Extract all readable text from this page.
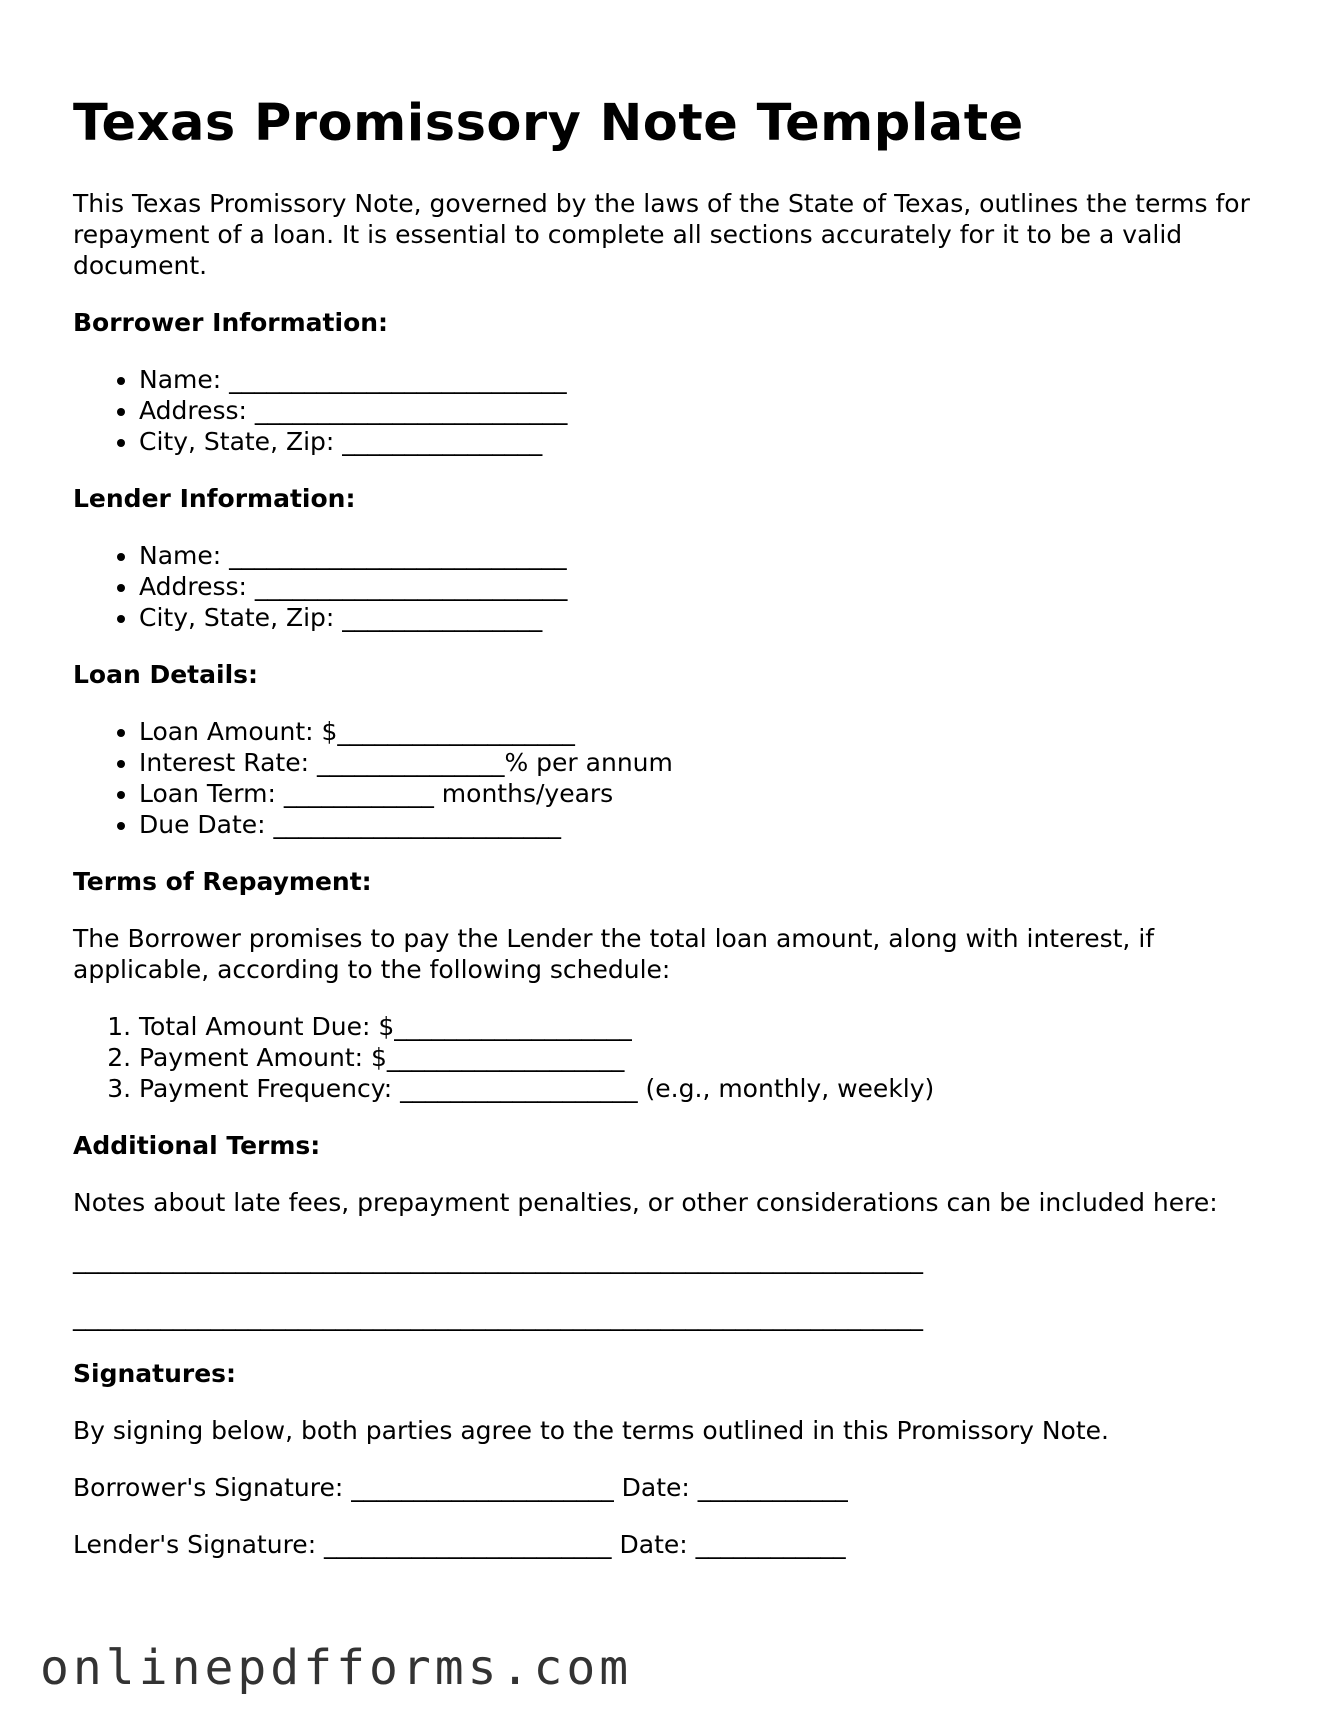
Texas Promissory Note Template
This Texas Promissory Note, governed by the laws of the State of Texas, outlines the terms for repayment of a loan. It is essential to complete all sections accurately for it to be a valid document.
Borrower Information:
• Name: ___________________________
• Address: _________________________
• City, State, Zip: ________________
Lender Information:
• Name: ___________________________
• Address: _________________________
• City, State, Zip: ________________
Loan Details:
• Loan Amount: $___________________
• Interest Rate: _______________% per annum
• Loan Term: ____________ months/years
• Due Date: _______________________
Terms of Repayment:

The Borrower promises to pay the Lender the total loan amount, along with interest, if applicable, according to the following schedule:

1. Total Amount Due: $___________________
2. Payment Amount: $___________________
3. Payment Frequency: ___________________ (e.g., monthly, weekly)
Additional Terms:

Notes about late fees, prepayment penalties, or other considerations can be included here:

____________________________________________________________________
____________________________________________________________________
Signatures:

By signing below, both parties agree to the terms outlined in this Promissory Note.

Borrower's Signature: _____________________ Date: ____________
Lender's Signature: _______________________ Date: ____________
onlinepdfforms.com
